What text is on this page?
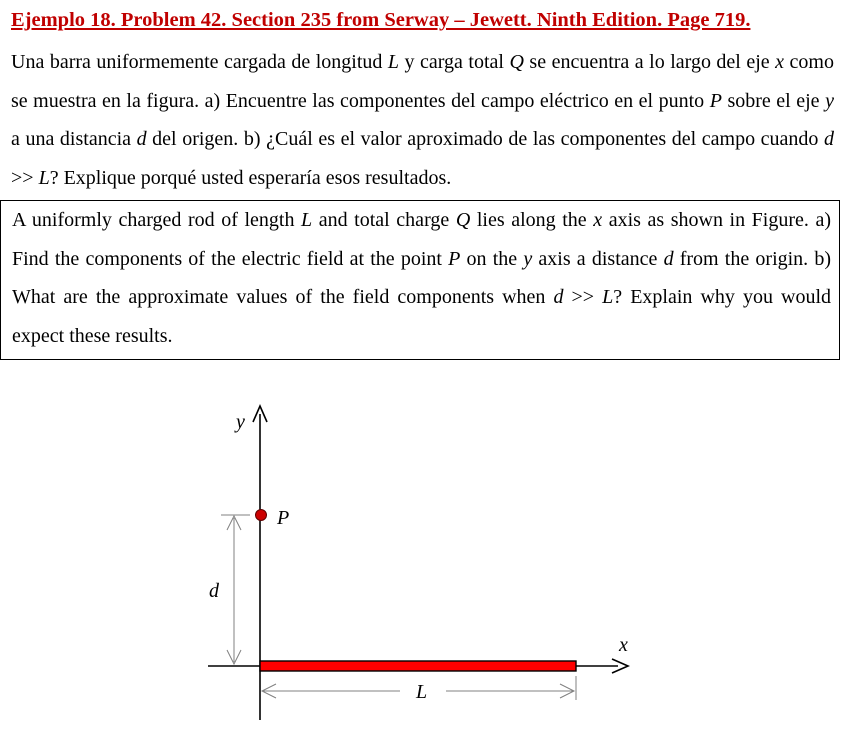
Ejemplo 18. Problem 42. Section 235 from Serway – Jewett. Ninth Edition. Page 719.

Una barra uniformemente cargada de longitud L y carga total Q se encuentra a lo largo del eje x como se muestra en la figura. a) Encuentre las componentes del campo eléctrico en el punto P sobre el eje y a una distancia d del origen. b) ¿Cuál es el valor aproximado de las componentes del campo cuando d >> L? Explique porqué usted esperaría esos resultados.

A uniformly charged rod of length L and total charge Q lies along the x axis as shown in Figure. a) Find the components of the electric field at the point P on the y axis a distance d from the origin. b) What are the approximate values of the field components when d >> L? Explain why you would expect these results.

y
x
P
d
L
